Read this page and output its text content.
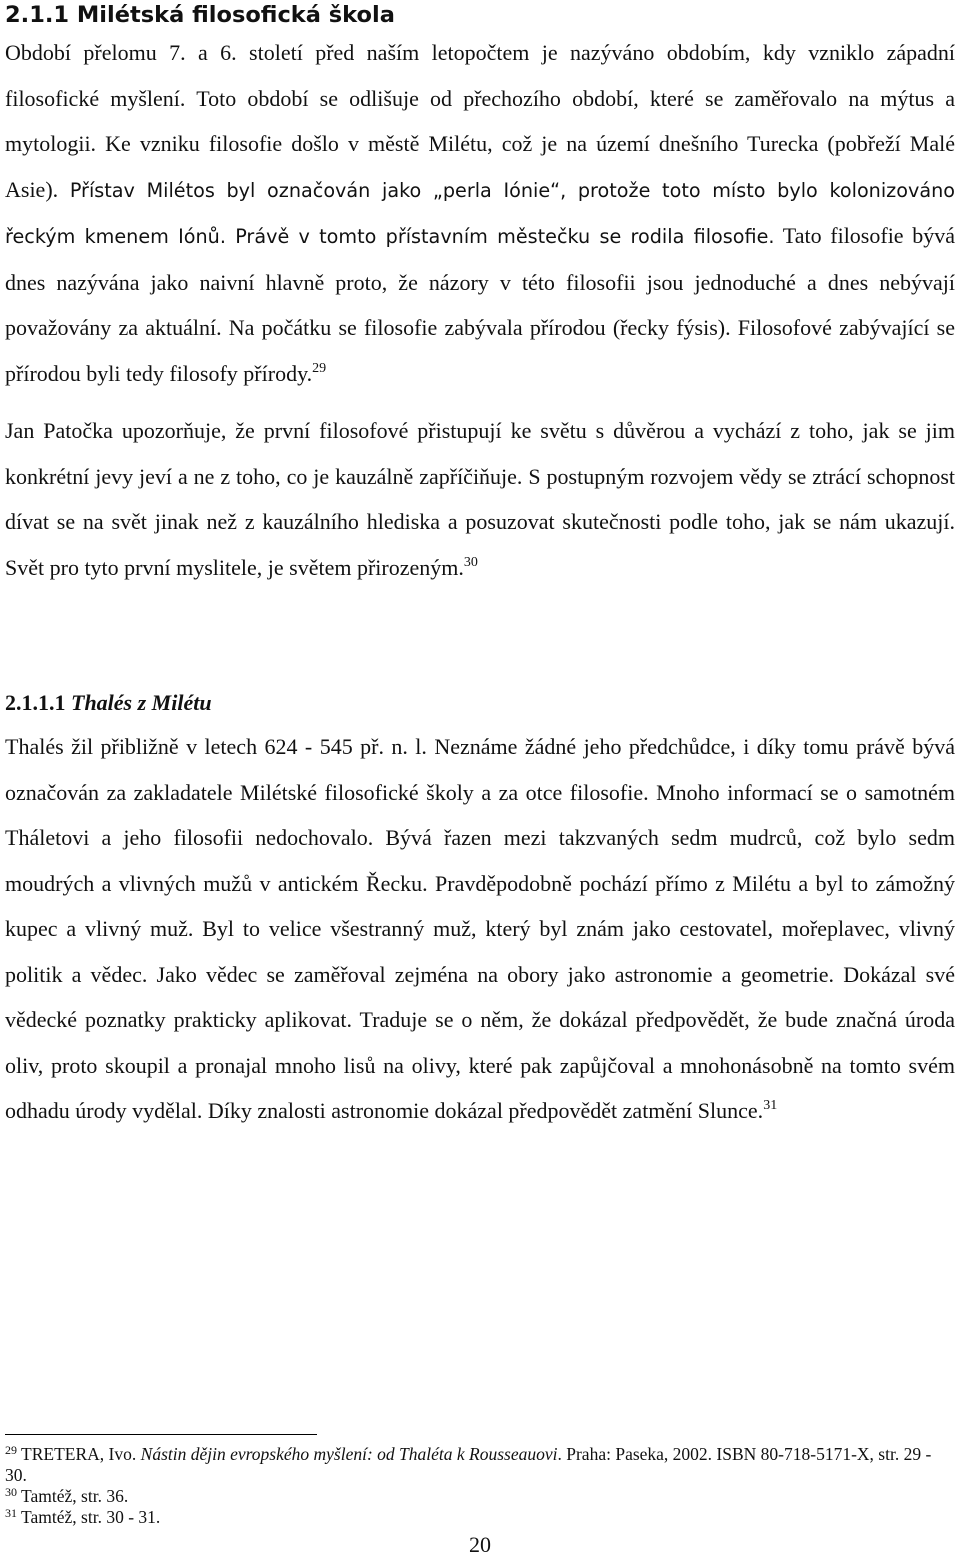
2.1.1 Milétská filosofická škola

Období přelomu 7. a 6. století před naším letopočtem je nazýváno obdobím, kdy vzniklo západní filosofické myšlení. Toto období se odlišuje od přechozího období, které se zaměřovalo na mýtus a mytologii. Ke vzniku filosofie došlo v městě Milétu, což je na území dnešního Turecka (pobřeží Malé Asie). Přístav Milétos byl označován jako „perla Iónie“, protože toto místo bylo kolonizováno řeckým kmenem Iónů. Právě v tomto přístavním městečku se rodila filosofie. Tato filosofie bývá dnes nazývána jako naivní hlavně proto, že názory v této filosofii jsou jednoduché a dnes nebývají považovány za aktuální. Na počátku se filosofie zabývala přírodou (řecky fýsis). Filosofové zabývající se přírodou byli tedy filosofy přírody.$^{29}$

Jan Patočka upozorňuje, že první filosofové přistupují ke světu s důvěrou a vychází z toho, jak se jim konkrétní jevy jeví a ne z toho, co je kauzálně zapříčiňuje. S postupným rozvojem vědy se ztrácí schopnost dívat se na svět jinak než z kauzálního hlediska a posuzovat skutečnosti podle toho, jak se nám ukazují. Svět pro tyto první myslitele, je světem přirozeným.$^{30}$

2.1.1.1 Thalés z Milétu

Thalés žil přibližně v letech 624 - 545 př. n. l. Neznáme žádné jeho předchůdce, i díky tomu právě bývá označován za zakladatele Milétské filosofické školy a za otce filosofie. Mnoho informací se o samotném Tháletovi a jeho filosofii nedochovalo. Bývá řazen mezi takzvaných sedm mudrců, což bylo sedm moudrých a vlivných mužů v antickém Řecku. Pravděpodobně pochází přímo z Milétu a byl to zámožný kupec a vlivný muž. Byl to velice všestranný muž, který byl znám jako cestovatel, mořeplavec, vlivný politik a vědec. Jako vědec se zaměřoval zejména na obory jako astronomie a geometrie. Dokázal své vědecké poznatky prakticky aplikovat. Traduje se o něm, že dokázal předpovědět, že bude značná úroda oliv, proto skoupil a pronajal mnoho lisů na olivy, které pak zapůjčoval a mnohonásobně na tomto svém odhadu úrody vydělal. Díky znalosti astronomie dokázal předpovědět zatmění Slunce.$^{31}$

$^{29}$ TRETERA, Ivo. Nástin dějin evropského myšlení: od Thaléta k Rousseauovi. Praha: Paseka, 2002. ISBN 80-718-5171-X, str. 29 - 30.

$^{30}$ Tamtéž, str. 36.

$^{31}$ Tamtéž, str. 30 - 31.

20
